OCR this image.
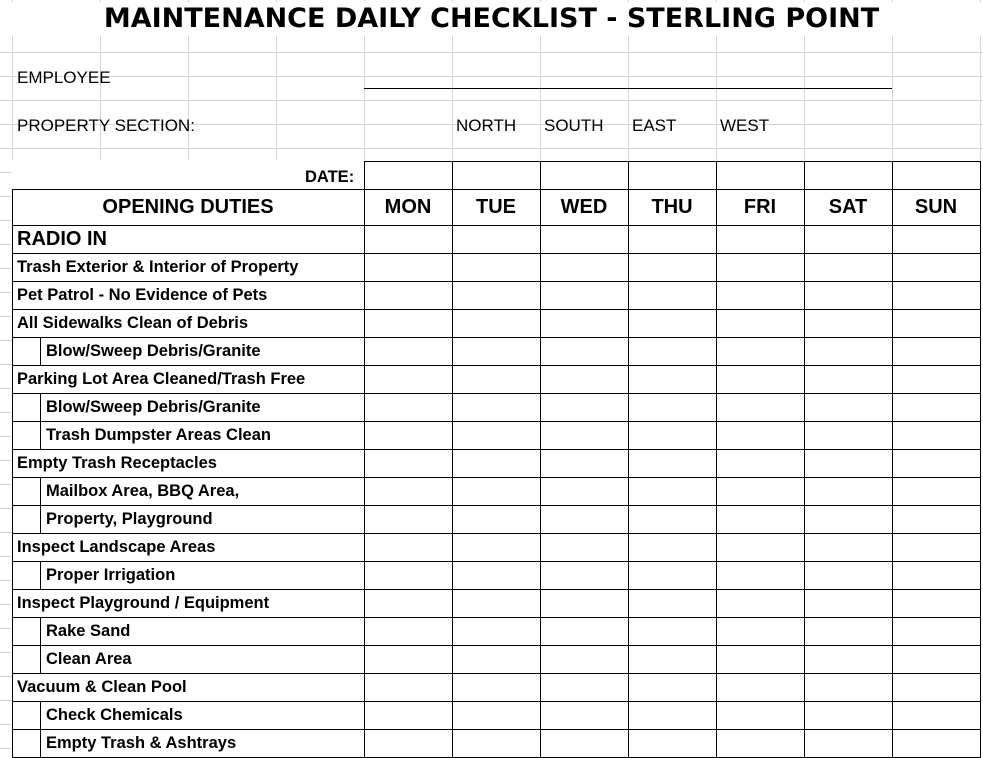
MAINTENANCE DAILY CHECKLIST - STERLING POINT
EMPLOYEE
PROPERTY SECTION:	NORTH SOUTH EAST	WEST
DATE:
OPENING DUTIES	MON	TUE	WED	THU	FRI	SAT	SUN
RADIO IN
Trash Exterior & Interior of Property
Pet Patrol - No Evidence of Pets
All Sidewalks Clean of Debris
Blow/Sweep Debris/Granite
Parking Lot Area Cleaned/Trash Free
Blow/Sweep Debris/Granite
Trash Dumpster Areas Clean
Empty Trash Receptacles
Mailbox Area, BBQ Area,
Property, Playground
Inspect Landscape Areas
Proper Irrigation
Inspect Playground / Equipment
Rake Sand
Clean Area
Vacuum & Clean Pool
Check Chemicals
Empty Trash & Ashtrays
